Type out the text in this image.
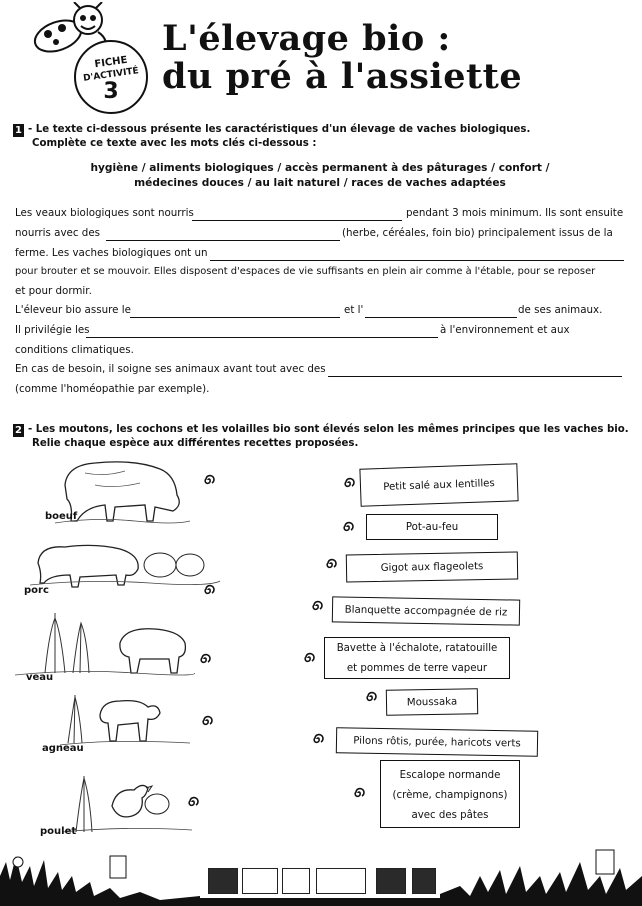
FICHE
D'ACTIVITÉ
3
L'élevage bio :
du pré à l'assiette
1 - Le texte ci-dessous présente les caractéristiques d'un élevage de vaches biologiques.
Complète ce texte avec les mots clés ci-dessous :
hygiène / aliments biologiques / accès permanent à des pâturages / confort /
médecines douces / au lait naturel / races de vaches adaptées
Les veaux biologiques sont nourris	pendant 3 mois minimum. Ils sont ensuite
nourris avec des	(herbe, céréales, foin bio) principalement issus de la
ferme. Les vaches biologiques ont un
pour brouter et se mouvoir. Elles disposent d'espaces de vie suffisants en plein air comme à l'étable, pour se reposer
et pour dormir.
L'éleveur bio assure le	et l'	de ses animaux.
Il privilégie les	à l'environnement et aux
conditions climatiques.
En cas de besoin, il soigne ses animaux avant tout avec des
(comme l'homéopathie par exemple).
2 - Les moutons, les cochons et les volailles bio sont élevés selon les mêmes principes que les vaches bio.
Relie chaque espèce aux différentes recettes proposées.
boeuf
porc
veau
agneau
poulet
Petit salé aux lentilles
Pot-au-feu
Gigot aux flageolets
Blanquette accompagnée de riz
Bavette à l'échalote, ratatouille
et pommes de terre vapeur
Moussaka
Pilons rôtis, purée, haricots verts
Escalope normande
(crème, champignons)
avec des pâtes
